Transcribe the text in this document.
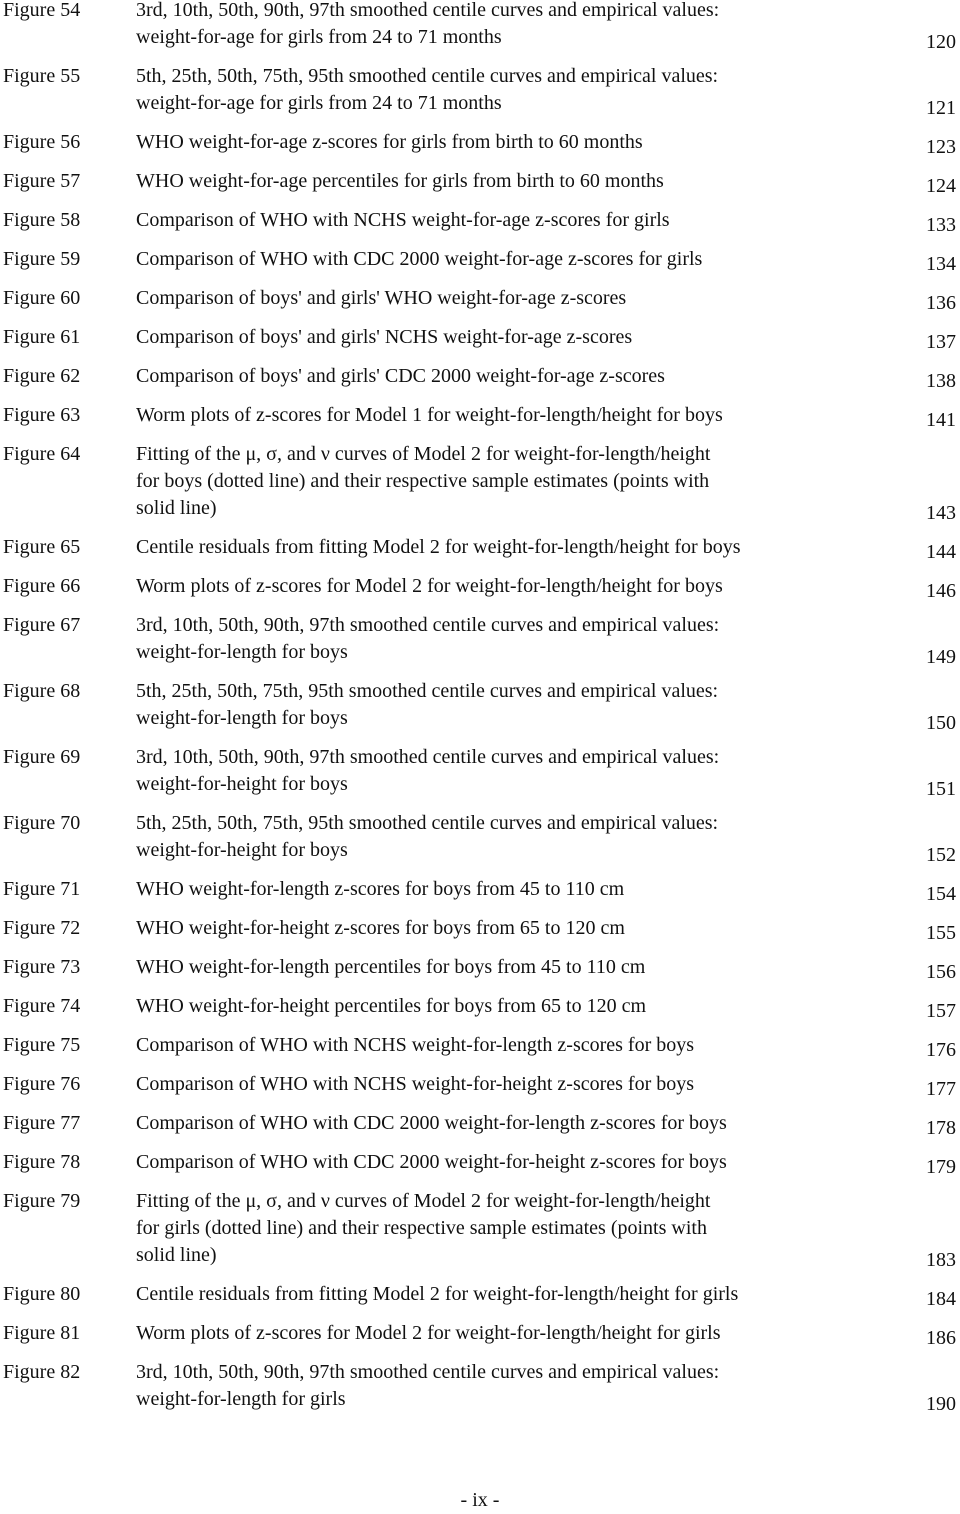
Figure 54	3rd, 10th, 50th, 90th, 97th smoothed centile curves and empirical values:
weight-for-age for girls from 24 to 71 months	120
Figure 55	5th, 25th, 50th, 75th, 95th smoothed centile curves and empirical values:
weight-for-age for girls from 24 to 71 months	121
Figure 56	WHO weight-for-age z-scores for girls from birth to 60 months	123
Figure 57	WHO weight-for-age percentiles for girls from birth to 60 months	124
Figure 58	Comparison of WHO with NCHS weight-for-age z-scores for girls	133
Figure 59	Comparison of WHO with CDC 2000 weight-for-age z-scores for girls	134
Figure 60	Comparison of boys' and girls' WHO weight-for-age z-scores	136
Figure 61	Comparison of boys' and girls' NCHS weight-for-age z-scores	137
Figure 62	Comparison of boys' and girls' CDC 2000 weight-for-age z-scores	138
Figure 63	Worm plots of z-scores for Model 1 for weight-for-length/height for boys	141
Figure 64	Fitting of the μ, σ, and ν curves of Model 2 for weight-for-length/height
for boys (dotted line) and their respective sample estimates (points with
solid line)	143
Figure 65	Centile residuals from fitting Model 2 for weight-for-length/height for boys	144
Figure 66	Worm plots of z-scores for Model 2 for weight-for-length/height for boys	146
Figure 67	3rd, 10th, 50th, 90th, 97th smoothed centile curves and empirical values:
weight-for-length for boys	149
Figure 68	5th, 25th, 50th, 75th, 95th smoothed centile curves and empirical values:
weight-for-length for boys	150
Figure 69	3rd, 10th, 50th, 90th, 97th smoothed centile curves and empirical values:
weight-for-height for boys	151
Figure 70	5th, 25th, 50th, 75th, 95th smoothed centile curves and empirical values:
weight-for-height for boys	152
Figure 71	WHO weight-for-length z-scores for boys from 45 to 110 cm	154
Figure 72	WHO weight-for-height z-scores for boys from 65 to 120 cm	155
Figure 73	WHO weight-for-length percentiles for boys from 45 to 110 cm	156
Figure 74	WHO weight-for-height percentiles for boys from 65 to 120 cm	157
Figure 75	Comparison of WHO with NCHS weight-for-length z-scores for boys	176
Figure 76	Comparison of WHO with NCHS weight-for-height z-scores for boys	177
Figure 77	Comparison of WHO with CDC 2000 weight-for-length z-scores for boys	178
Figure 78	Comparison of WHO with CDC 2000 weight-for-height z-scores for boys	179
Figure 79	Fitting of the μ, σ, and ν curves of Model 2 for weight-for-length/height
for girls (dotted line) and their respective sample estimates (points with
solid line)	183
Figure 80	Centile residuals from fitting Model 2 for weight-for-length/height for girls	184
Figure 81	Worm plots of z-scores for Model 2 for weight-for-length/height for girls	186
Figure 82	3rd, 10th, 50th, 90th, 97th smoothed centile curves and empirical values:
weight-for-length for girls	190
- ix -
